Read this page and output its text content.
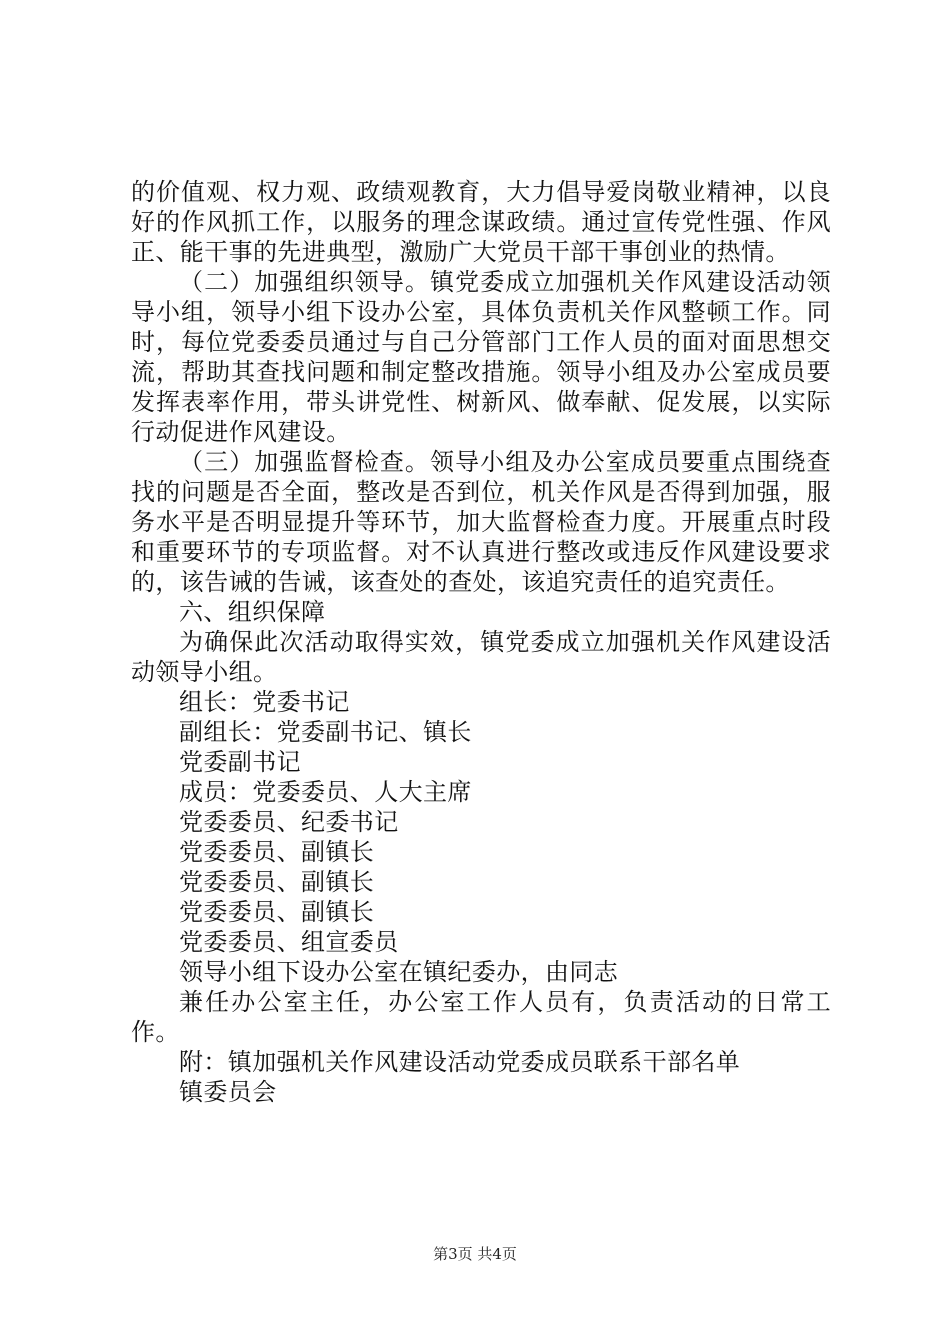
的价值观、权力观、政绩观教育，大力倡导爱岗敬业精神，以良好的作风抓工作，以服务的理念谋政绩。通过宣传党性强、作风正、能干事的先进典型，激励广大党员干部干事创业的热情。

（二）加强组织领导。镇党委成立加强机关作风建设活动领导小组，领导小组下设办公室，具体负责机关作风整顿工作。同时，每位党委委员通过与自己分管部门工作人员的面对面思想交流，帮助其查找问题和制定整改措施。领导小组及办公室成员要发挥表率作用，带头讲党性、树新风、做奉献、促发展，以实际行动促进作风建设。

（三）加强监督检查。领导小组及办公室成员要重点围绕查找的问题是否全面，整改是否到位，机关作风是否得到加强，服务水平是否明显提升等环节，加大监督检查力度。开展重点时段和重要环节的专项监督。对不认真进行整改或违反作风建设要求的，该告诫的告诫，该查处的查处，该追究责任的追究责任。

六、组织保障

为确保此次活动取得实效，镇党委成立加强机关作风建设活动领导小组。

组长：党委书记

副组长：党委副书记、镇长

党委副书记

成员：党委委员、人大主席

党委委员、纪委书记

党委委员、副镇长

党委委员、副镇长

党委委员、副镇长

党委委员、组宣委员

领导小组下设办公室在镇纪委办，由同志

兼任办公室主任，办公室工作人员有，负责活动的日常工作。

附：镇加强机关作风建设活动党委成员联系干部名单

镇委员会

第3页 共4页
